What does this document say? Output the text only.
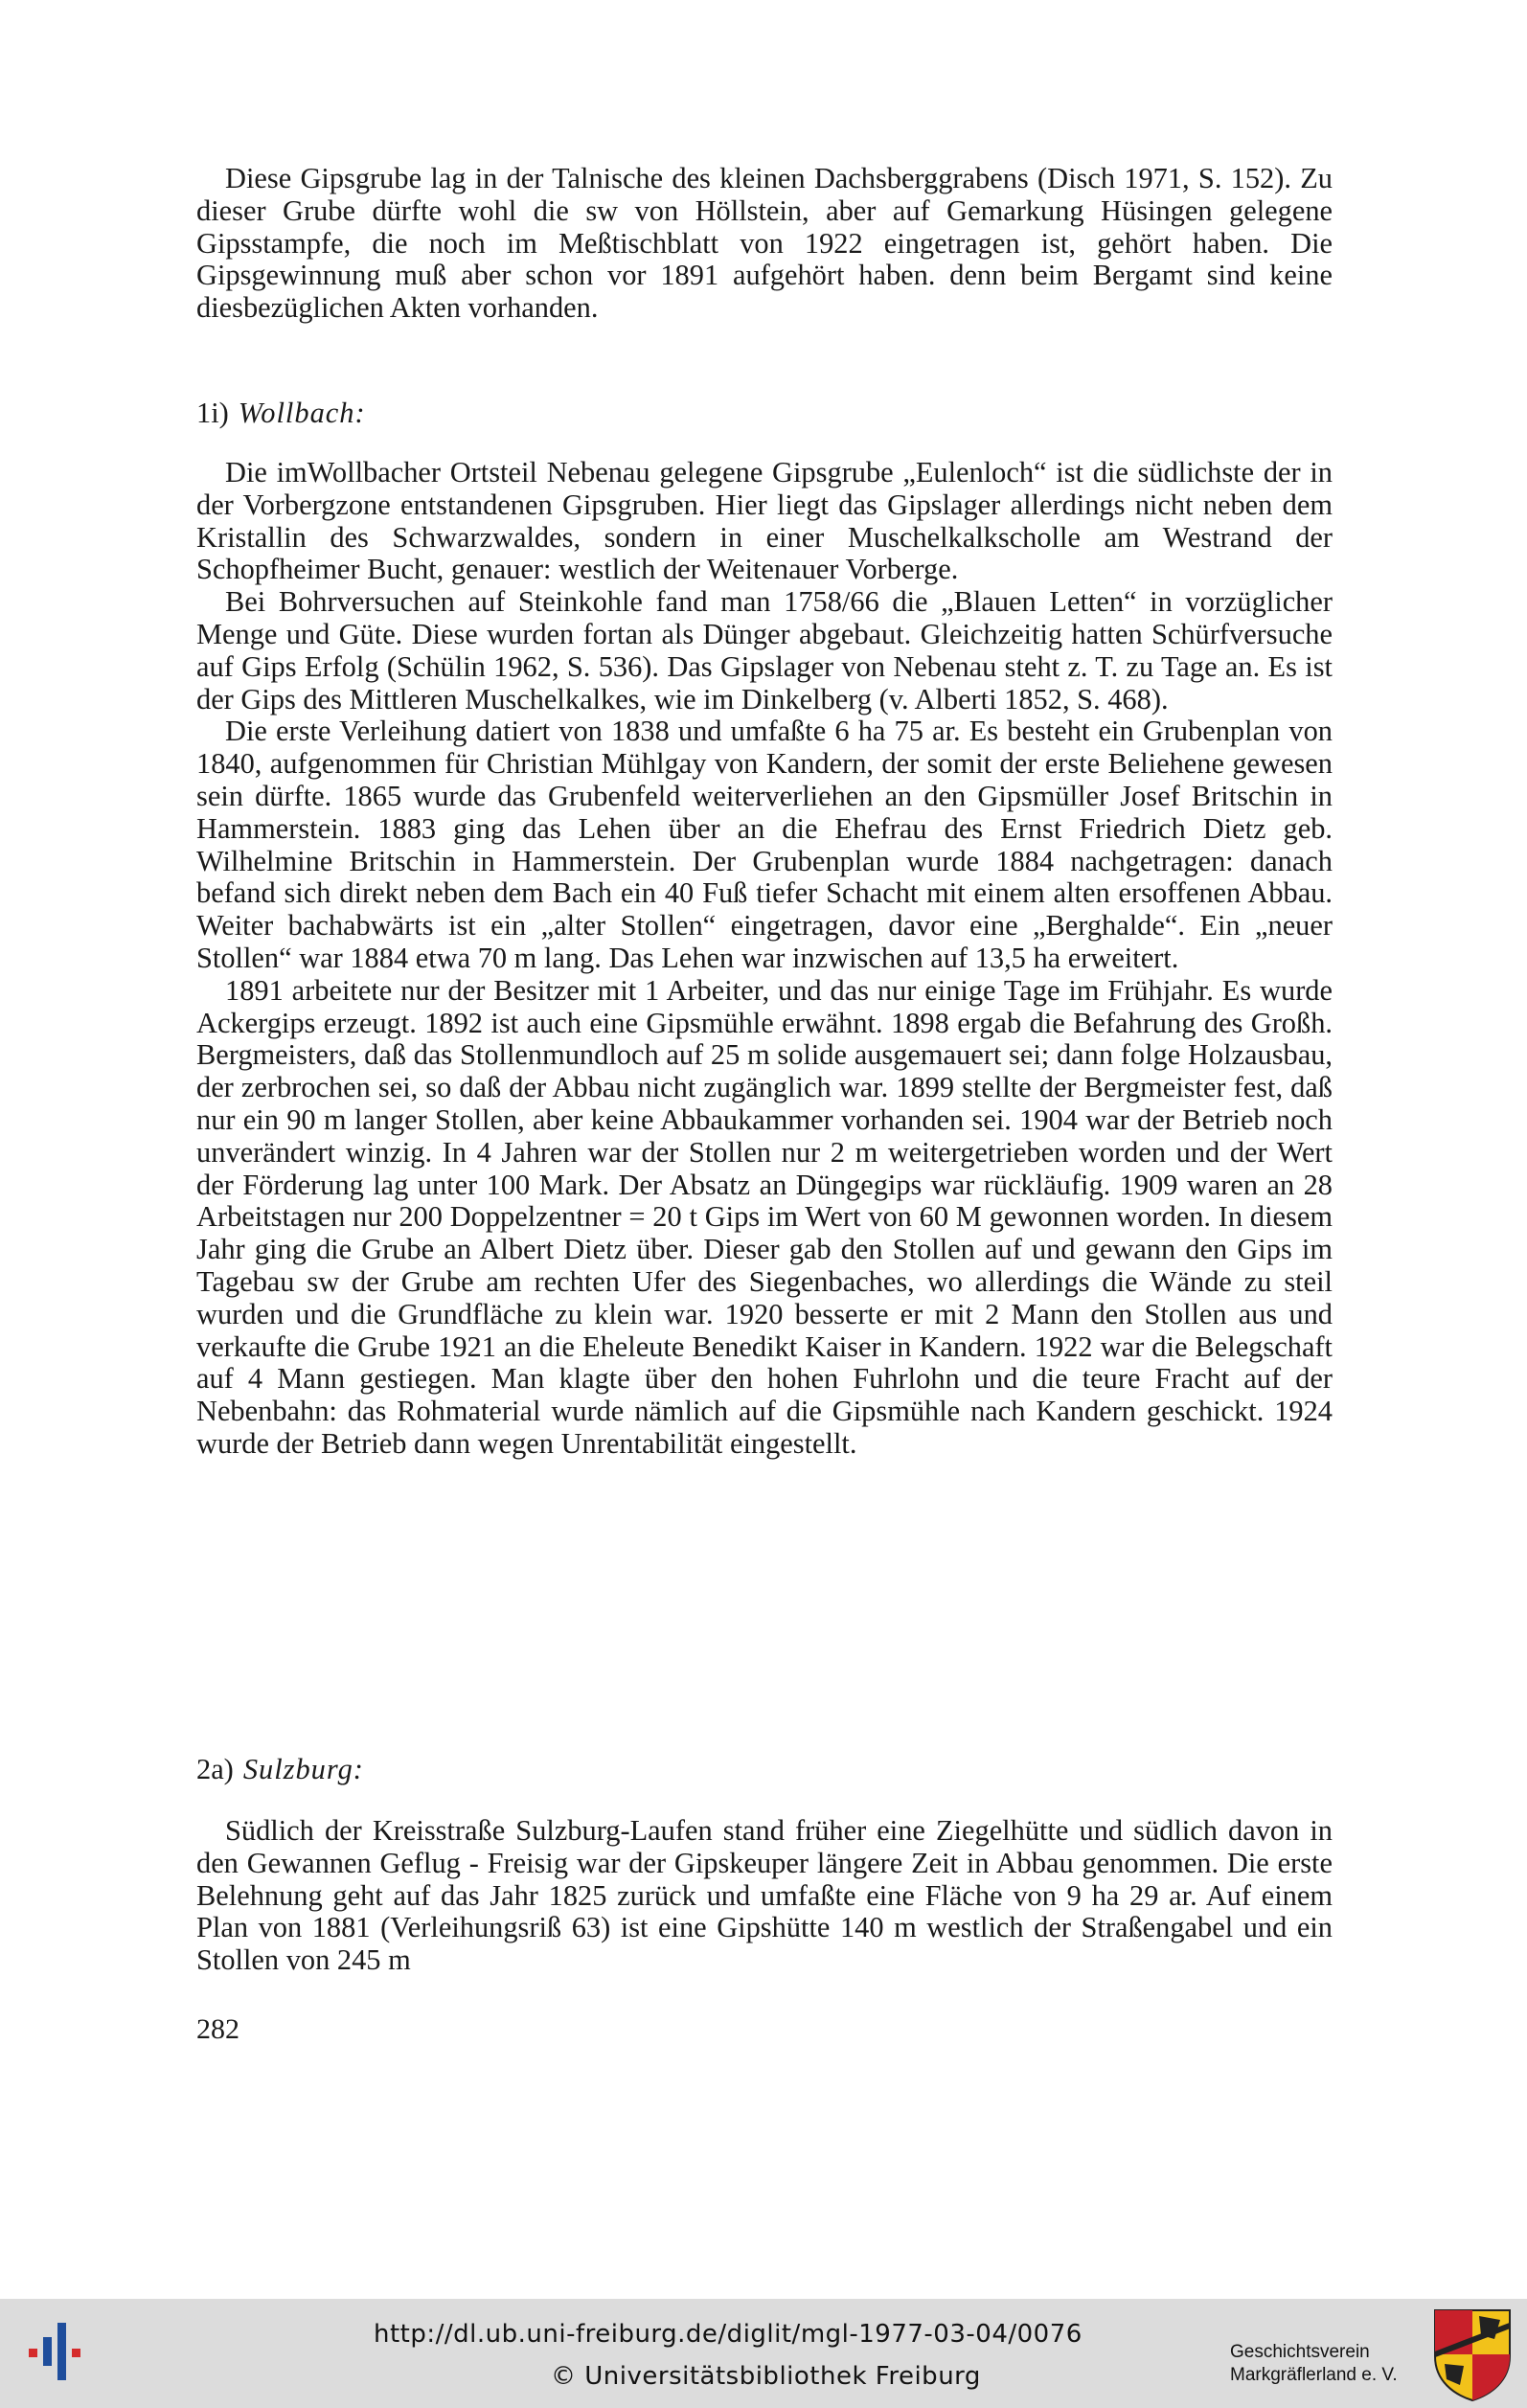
Diese Gipsgrube lag in der Talnische des kleinen Dachsberggrabens (Disch 1971, S. 152). Zu dieser Grube dürfte wohl die sw von Höllstein, aber auf Gemarkung Hüsingen gelegene Gipsstampfe, die noch im Meßtischblatt von 1922 eingetragen ist, gehört haben. Die Gipsgewinnung muß aber schon vor 1891 aufgehört haben. denn beim Bergamt sind keine diesbezüglichen Akten vorhanden.

1i) Wollbach:

Die imWollbacher Ortsteil Nebenau gelegene Gipsgrube „Eulenloch“ ist die südlichste der in der Vorbergzone entstandenen Gipsgruben. Hier liegt das Gipslager allerdings nicht neben dem Kristallin des Schwarzwaldes, sondern in einer Muschelkalkscholle am Westrand der Schopfheimer Bucht, genauer: westlich der Weitenauer Vorberge.

Bei Bohrversuchen auf Steinkohle fand man 1758/66 die „Blauen Letten“ in vorzüglicher Menge und Güte. Diese wurden fortan als Dünger abgebaut. Gleichzeitig hatten Schürfversuche auf Gips Erfolg (Schülin 1962, S. 536). Das Gipslager von Nebenau steht z. T. zu Tage an. Es ist der Gips des Mittleren Muschelkalkes, wie im Dinkelberg (v. Alberti 1852, S. 468).

Die erste Verleihung datiert von 1838 und umfaßte 6 ha 75 ar. Es besteht ein Grubenplan von 1840, aufgenommen für Christian Mühlgay von Kandern, der somit der erste Beliehene gewesen sein dürfte. 1865 wurde das Grubenfeld weiterverliehen an den Gipsmüller Josef Britschin in Hammerstein. 1883 ging das Lehen über an die Ehefrau des Ernst Friedrich Dietz geb. Wilhelmine Britschin in Hammerstein. Der Grubenplan wurde 1884 nachgetragen: danach befand sich direkt neben dem Bach ein 40 Fuß tiefer Schacht mit einem alten ersoffenen Abbau. Weiter bachabwärts ist ein „alter Stollen“ eingetragen, davor eine „Berghalde“. Ein „neuer Stollen“ war 1884 etwa 70 m lang. Das Lehen war inzwischen auf 13,5 ha erweitert.

1891 arbeitete nur der Besitzer mit 1 Arbeiter, und das nur einige Tage im Frühjahr. Es wurde Ackergips erzeugt. 1892 ist auch eine Gipsmühle erwähnt. 1898 ergab die Befahrung des Großh. Bergmeisters, daß das Stollenmundloch auf 25 m solide ausgemauert sei; dann folge Holzausbau, der zerbrochen sei, so daß der Abbau nicht zugänglich war. 1899 stellte der Bergmeister fest, daß nur ein 90 m langer Stollen, aber keine Abbaukammer vorhanden sei. 1904 war der Betrieb noch unverändert winzig. In 4 Jahren war der Stollen nur 2 m weitergetrieben worden und der Wert der Förderung lag unter 100 Mark. Der Absatz an Düngegips war rückläufig. 1909 waren an 28 Arbeitstagen nur 200 Doppelzentner = 20 t Gips im Wert von 60 M gewonnen worden. In diesem Jahr ging die Grube an Albert Dietz über. Dieser gab den Stollen auf und gewann den Gips im Tagebau sw der Grube am rechten Ufer des Siegenbaches, wo allerdings die Wände zu steil wurden und die Grundfläche zu klein war. 1920 besserte er mit 2 Mann den Stollen aus und verkaufte die Grube 1921 an die Eheleute Benedikt Kaiser in Kandern. 1922 war die Belegschaft auf 4 Mann gestiegen. Man klagte über den hohen Fuhrlohn und die teure Fracht auf der Nebenbahn: das Rohmaterial wurde nämlich auf die Gipsmühle nach Kandern geschickt. 1924 wurde der Betrieb dann wegen Unrentabilität eingestellt.

2a) Sulzburg:

Südlich der Kreisstraße Sulzburg-Laufen stand früher eine Ziegelhütte und südlich davon in den Gewannen Geflug - Freisig war der Gipskeuper längere Zeit in Abbau genommen. Die erste Belehnung geht auf das Jahr 1825 zurück und umfaßte eine Fläche von 9 ha 29 ar. Auf einem Plan von 1881 (Verleihungsriß 63) ist eine Gipshütte 140 m westlich der Straßengabel und ein Stollen von 245 m

282
http://dl.ub.uni-freiburg.de/diglit/mgl-1977-03-04/0076
© Universitätsbibliothek Freiburg
Geschichtsverein
Markgräflerland e. V.
